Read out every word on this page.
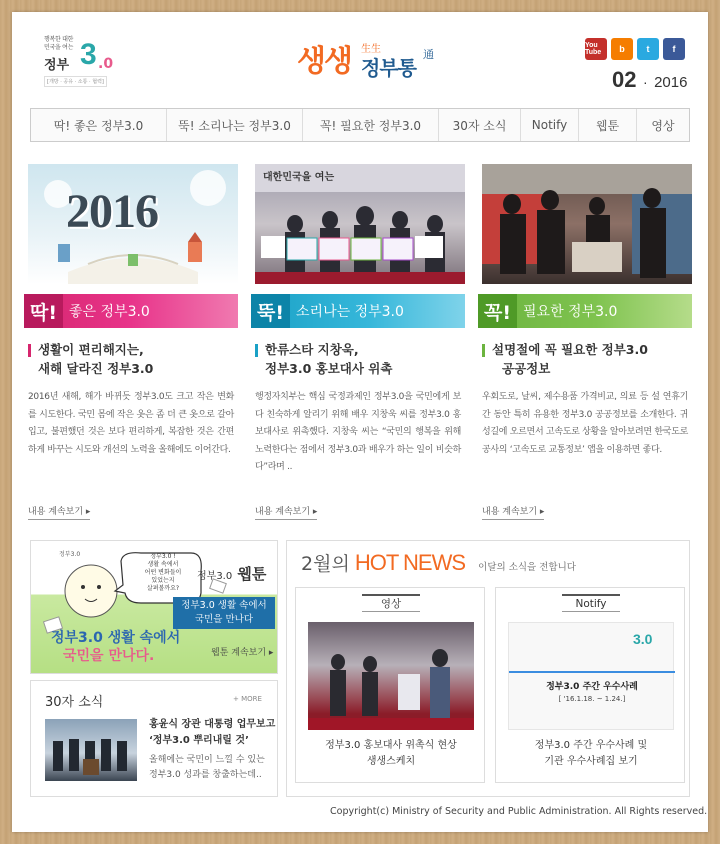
행복한 대한민국을 여는
정부 3 .0
[개방 · 공유 · 소통 · 협력]
생생 生生
정부통
通
You Tube	b	t	f
02 · 2016
딱! 좋은 정부3.0	뚝! 소리나는 정부3.0	꼭! 필요한 정부3.0	30자 소식	Notify	웹툰	영상
2016
딱! 좋은 정부3.0
생활이 편리해지는,
새해 달라진 정부3.0
2016년 새해, 해가 바뀌듯 정부3.0도 크고 작은 변화를 시도한다. 국민 몸에 작은 옷은 좀 더 큰 옷으로 갈아입고, 불편했던 것은 보다 편리하게, 복잡한 것은 간편하게 바꾸는 시도와 개선의 노력을 올해에도 이어간다.
내용 계속보기 ▸
대한민국을 여는
뚝! 소리나는 정부3.0
한류스타 지창욱,
정부3.0 홍보대사 위촉
행정자치부는 핵심 국정과제인 정부3.0을 국민에게 보다 친숙하게 알리기 위해 배우 지창욱 씨를 정부3.0 홍보대사로 위촉했다. 지창욱 씨는 “국민의 행복을 위해 노력한다는 점에서 정부3.0과 배우가 하는 일이 비슷하다”라며 ..
내용 계속보기 ▸
꼭! 필요한 정부3.0
설명절에 꼭 필요한 정부3.0
공공정보
우회도로, 날씨, 제수용품 가격비교, 의료 등 설 연휴기간 동안 특히 유용한 정부3.0 공공정보를 소개한다. 귀성길에 오르면서 고속도로 상황을 알아보려면 한국도로공사의 ‘고속도로 교통정보’ 앱을 이용하면 좋다.
내용 계속보기 ▸
정부3.0 !
생활 속에서
어떤 변화들이
있었는지
살펴볼까요?
정부3.0
정부3.0 웹툰
정부3.0 생활 속에서
국민을 만나다
정부3.0 생활 속에서
국민을 만나다.	웹툰 계속보기 ▸
30자 소식	+ MORE
홍윤식 장관 대통령 업무보고
‘정부3.0 뿌리내릴 것’
올해에는 국민이 느낄 수 있는
정부3.0 성과를 창출하는데..
2월의 HOT NEWS 이달의 소식을 전합니다
영상
정부3.0 홍보대사 위촉식 현상
생생스케치
Notify
3.0
정부3.0 주간 우수사례
[ '16.1.18. ~ 1.24.]
정부3.0 주간 우수사례 및
기관 우수사례집 보기
Copyright(c) Ministry of Security and Public Administration. All Rights reserved.
